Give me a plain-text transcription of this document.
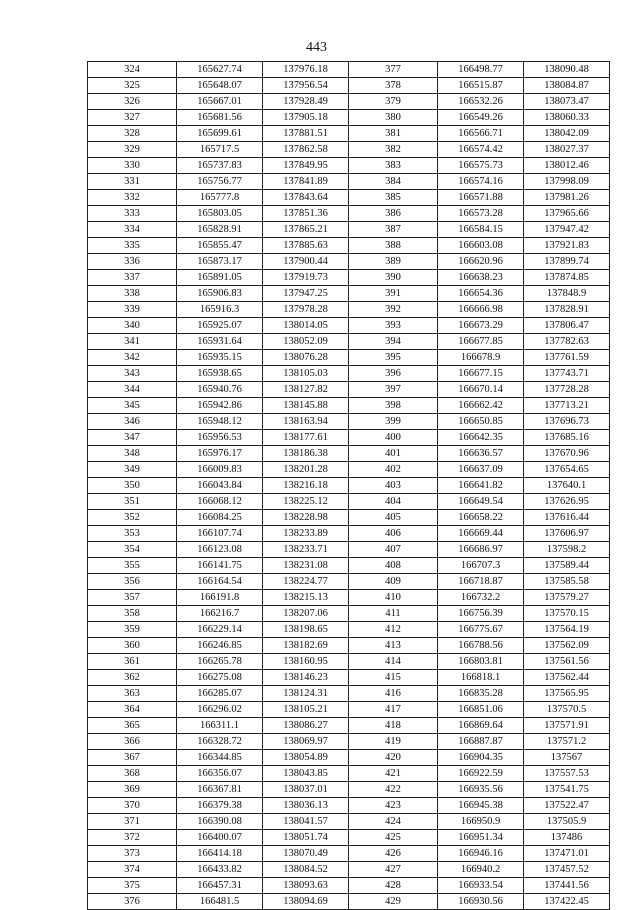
443
324	165627.74	137976.18	377	166498.77	138090.48
325	165648.07	137956.54	378	166515.87	138084.87
326	165667.01	137928.49	379	166532.26	138073.47
327	165681.56	137905.18	380	166549.26	138060.33
328	165699.61	137881.51	381	166566.71	138042.09
329	165717.5	137862.58	382	166574.42	138027.37
330	165737.83	137849.95	383	166575.73	138012.46
331	165756.77	137841.89	384	166574.16	137998.09
332	165777.8	137843.64	385	166571.88	137981.26
333	165803.05	137851.36	386	166573.28	137965.66
334	165828.91	137865.21	387	166584.15	137947.42
335	165855.47	137885.63	388	166603.08	137921.83
336	165873.17	137900.44	389	166620.96	137899.74
337	165891.05	137919.73	390	166638.23	137874.85
338	165906.83	137947.25	391	166654.36	137848.9
339	165916.3	137978.28	392	166666.98	137828.91
340	165925.07	138014.05	393	166673.29	137806.47
341	165931.64	138052.09	394	166677.85	137782.63
342	165935.15	138076.28	395	166678.9	137761.59
343	165938.65	138105.03	396	166677.15	137743.71
344	165940.76	138127.82	397	166670.14	137728.28
345	165942.86	138145.88	398	166662.42	137713.21
346	165948.12	138163.94	399	166650.85	137696.73
347	165956.53	138177.61	400	166642.35	137685.16
348	165976.17	138186.38	401	166636.57	137670.96
349	166009.83	138201.28	402	166637.09	137654.65
350	166043.84	138216.18	403	166641.82	137640.1
351	166068.12	138225.12	404	166649.54	137626.95
352	166084.25	138228.98	405	166658.22	137616.44
353	166107.74	138233.89	406	166669.44	137606.97
354	166123.08	138233.71	407	166686.97	137598.2
355	166141.75	138231.08	408	166707.3	137589.44
356	166164.54	138224.77	409	166718.87	137585.58
357	166191.8	138215.13	410	166732.2	137579.27
358	166216.7	138207.06	411	166756.39	137570.15
359	166229.14	138198.65	412	166775.67	137564.19
360	166246.85	138182.69	413	166788.56	137562.09
361	166265.78	138160.95	414	166803.81	137561.56
362	166275.08	138146.23	415	166818.1	137562.44
363	166285.07	138124.31	416	166835.28	137565.95
364	166296.02	138105.21	417	166851.06	137570.5
365	166311.1	138086.27	418	166869.64	137571.91
366	166328.72	138069.97	419	166887.87	137571.2
367	166344.85	138054.89	420	166904.35	137567
368	166356.07	138043.85	421	166922.59	137557.53
369	166367.81	138037.01	422	166935.56	137541.75
370	166379.38	138036.13	423	166945.38	137522.47
371	166390.08	138041.57	424	166950.9	137505.9
372	166400.07	138051.74	425	166951.34	137486
373	166414.18	138070.49	426	166946.16	137471.01
374	166433.82	138084.52	427	166940.2	137457.52
375	166457.31	138093.63	428	166933.54	137441.56
376	166481.5	138094.69	429	166930.56	137422.45
